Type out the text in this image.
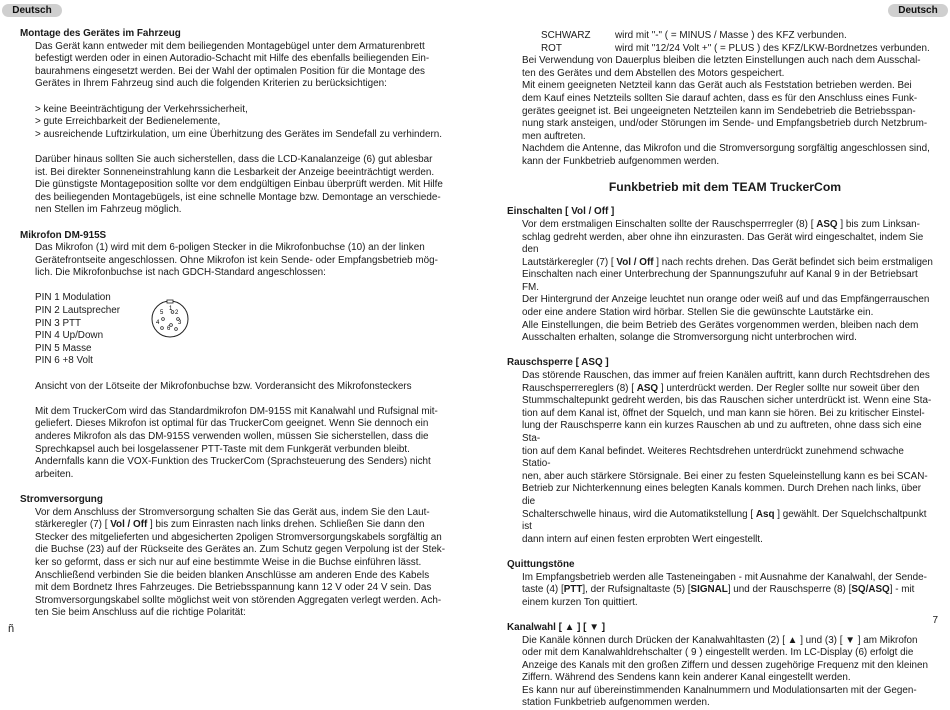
Deutsch	Deutsch

Montage des Gerätes im Fahrzeug

Das Gerät kann entweder mit dem beiliegenden Montagebügel unter dem Armaturenbrett
befestigt werden oder in einen Autoradio-Schacht mit Hilfe des ebenfalls beiliegenden Ein-
baurahmens eingesetzt werden. Bei der Wahl der optimalen Position für die Montage des
Gerätes in Ihrem Fahrzeug sind auch die folgenden Kriterien zu berücksichtigen:
> keine Beeinträchtigung der Verkehrssicherheit,
> gute Erreichbarkeit der Bedienelemente,
> ausreichende Luftzirkulation, um eine Überhitzung des Gerätes im Sendefall zu verhindern.
Darüber hinaus sollten Sie auch sicherstellen, dass die LCD-Kanalanzeige (6) gut ablesbar
ist. Bei direkter Sonneneinstrahlung kann die Lesbarkeit der Anzeige beeinträchtigt werden.
Die günstigste Montageposition sollte vor dem endgültigen Einbau überprüft werden. Mit Hilfe
des beiliegenden Montagebügels, ist eine schnelle Montage bzw. Demontage an verschiede-
nen Stellen im Fahrzeug möglich.

Mikrofon DM-915S

Das Mikrofon (1) wird mit dem 6-poligen Stecker in die Mikrofonbuchse (10) an der linken
Gerätefrontseite angeschlossen. Ohne Mikrofon ist kein Sende- oder Empfangsbetrieb mög-
lich. Die Mikrofonbuchse ist nach GDCH-Standard angeschlossen:
PIN 1 Modulation
PIN 2 Lautsprecher
PIN 3 PTT
PIN 4 Up/Down
PIN 5 Masse
PIN 6 +8 Volt
1
2
3
4
5
6
Ansicht von der Lötseite der Mikrofonbuchse bzw. Vorderansicht des Mikrofonsteckers
Mit dem TruckerCom wird das Standardmikrofon DM-915S mit Kanalwahl und Rufsignal mit-
geliefert. Dieses Mikrofon ist optimal für das TruckerCom geeignet. Wenn Sie dennoch ein
anderes Mikrofon als das DM-915S verwenden wollen, müssen Sie sicherstellen, dass die
Sprechkapsel auch bei losgelassener PTT-Taste mit dem Funkgerät verbunden bleibt.
Andernfalls kann die VOX-Funktion des TruckerCom (Sprachsteuerung des Senders) nicht
arbeiten.

Stromversorgung

Vor dem Anschluss der Stromversorgung schalten Sie das Gerät aus, indem Sie den Laut-
stärkeregler (7) [ Vol / Off ] bis zum Einrasten nach links drehen. Schließen Sie dann den
Stecker des mitgelieferten und abgesicherten 2poligen Stromversorgungskabels sorgfältig an
die Buchse (23) auf der Rückseite des Gerätes an. Zum Schutz gegen Verpolung ist der Stek-
ker so geformt, dass er sich nur auf eine bestimmte Weise in die Buchse einführen lässt.
Anschließend verbinden Sie die beiden blanken Anschlüsse am anderen Ende des Kabels
mit dem Bordnetz Ihres Fahrzeuges. Die Betriebsspannung kann 12 V oder 24 V sein. Das
Stromversorgungskabel sollte möglichst weit von störenden Aggregaten verlegt werden. Ach-
ten Sie beim Anschluss auf die richtige Polarität:
ñ
SCHWARZ	wird mit "-" ( = MINUS / Masse ) des KFZ verbunden.
ROT	wird mit "12/24 Volt +" ( = PLUS ) des KFZ/LKW-Bordnetzes verbunden.
Bei Verwendung von Dauerplus bleiben die letzten Einstellungen auch nach dem Ausschal-
ten des Gerätes und dem Abstellen des Motors gespeichert.
Mit einem geeigneten Netzteil kann das Gerät auch als Feststation betrieben werden. Bei
dem Kauf eines Netzteils sollten Sie darauf achten, dass es für den Anschluss eines Funk-
gerätes geeignet ist. Bei ungeeigneten Netzteilen kann im Sendebetrieb die Betriebsspan-
nung stark ansteigen, und/oder Störungen im Sende- und Empfangsbetrieb durch Netzbrum-
men auftreten.
Nachdem die Antenne, das Mikrofon und die Stromversorgung sorgfältig angeschlossen sind,
kann der Funkbetrieb aufgenommen werden.

Funkbetrieb mit dem TEAM TruckerCom

Einschalten [ Vol / Off ]

Vor dem erstmaligen Einschalten sollte der Rauschsperrregler (8) [ ASQ ] bis zum Linksan-
schlag gedreht werden, aber ohne ihn einzurasten. Das Gerät wird eingeschaltet, indem Sie den
Lautstärkeregler (7) [ Vol / Off ] nach rechts drehen. Das Gerät befindet sich beim erstmaligen
Einschalten nach einer Unterbrechung der Spannungszufuhr auf Kanal 9 in der Betriebsart FM.
Der Hintergrund der Anzeige leuchtet nun orange oder weiß auf und das Empfängerrauschen
oder eine andere Station wird hörbar. Stellen Sie die gewünschte Lautstärke ein.
Alle Einstellungen, die beim Betrieb des Gerätes vorgenommen werden, bleiben nach dem
Ausschalten erhalten, solange die Stromversorgung nicht unterbrochen wird.

Rauschsperre [ ASQ ]

Das störende Rauschen, das immer auf freien Kanälen auftritt, kann durch Rechtsdrehen des
Rauschsperrereglers (8) [ ASQ ] unterdrückt werden. Der Regler sollte nur soweit über den
Stummschaltepunkt gedreht werden, bis das Rauschen sicher unterdrückt ist. Wenn eine Sta-
tion auf dem Kanal ist, öffnet der Squelch, und man kann sie hören. Bei zu kritischer Einstel-
lung der Rauschsperre kann ein kurzes Rauschen ab und zu auftreten, ohne dass sich eine Sta-
tion auf dem Kanal befindet. Weiteres Rechtsdrehen unterdrückt zunehmend schwache Statio-
nen, aber auch stärkere Störsignale. Bei einer zu festen Squeleinstellung kann es bei SCAN-
Betrieb zur Nichterkennung eines belegten Kanals kommen. Durch Drehen nach links, über die
Schalterschwelle hinaus, wird die Automatikstellung [ Asq ] gewählt. Der Squelchschaltpunkt ist
dann intern auf einen festen erprobten Wert eingestellt.

Quittungstöne

Im Empfangsbetrieb werden alle Tasteneingaben - mit Ausnahme der Kanalwahl, der Sende-
taste (4) [PTT], der Rufsignaltaste (5) [SIGNAL] und der Rauschsperre (8) [SQ/ASQ] - mit
einem kurzen Ton quittiert.

Kanalwahl [ ▲ ] [ ▼ ]

Die Kanäle können durch Drücken der Kanalwahltasten (2) [ ▲ ] und (3) [ ▼ ] am Mikrofon
oder mit dem Kanalwahldrehschalter ( 9 ) eingestellt werden. Im LC-Display (6) erfolgt die
Anzeige des Kanals mit den großen Ziffern und dessen zugehörige Frequenz mit den kleinen
Ziffern. Während des Sendens kann kein anderer Kanal eingestellt werden.
Es kann nur auf übereinstimmenden Kanalnummern und Modulationsarten mit der Gegen-
station Funkbetrieb aufgenommen werden.
7
